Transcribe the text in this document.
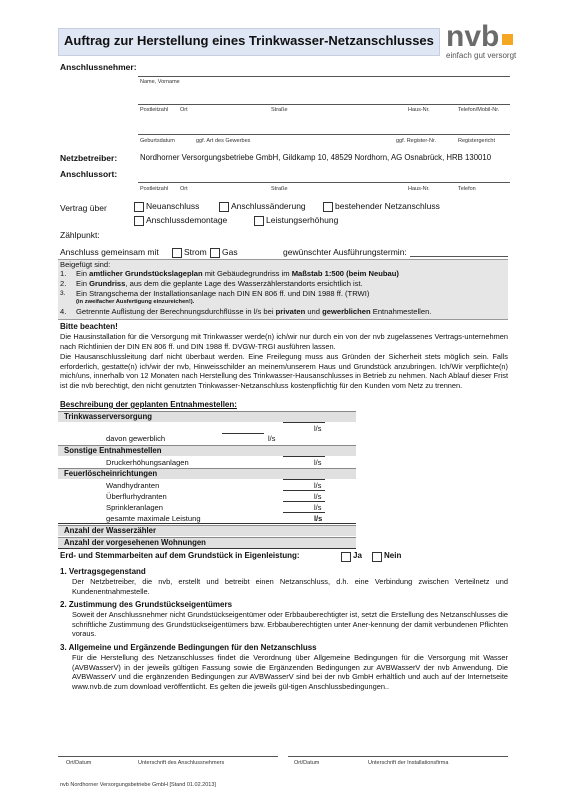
Auftrag zur Herstellung eines Trinkwasser-Netzanschlusses nvb
einfach gut versorgt
Anschlussnehmer:
Name, Vorname
Postleitzahl Ort	Straße	Haus-Nr.	Telefon/Mobil-Nr.
Geburtsdatum	ggf. Art des Gewerbes	ggf. Register-Nr.	Registergericht
Netzbetreiber:	Nordhorner Versorgungsbetriebe GmbH, Gildkamp 10, 48529 Nordhorn, AG Osnabrück, HRB 130010
Anschlussort:
Postleitzahl Ort	Straße	Haus-Nr.	Telefon
Vertrag über	Neuanschluss	Anschlussänderung	bestehender Netzanschluss
Anschlussdemontage	Leistungserhöhung
Zählpunkt:
Anschluss gemeinsam mit	Strom Gas	gewünschter Ausführungstermin:
Beigefügt sind:
1. Ein amtlicher Grundstückslageplan mit Gebäudegrundriss im Maßstab 1:500 (beim Neubau)
2. Ein Grundriss, aus dem die geplante Lage des Wasserzählerstandorts ersichtlich ist.
3. Ein Strangschema der Installationsanlage nach DIN EN 806 ff. und DIN 1988 ff. (TRWI)
(in zweifacher Ausfertigung einzureichen!).
4. Getrennte Auflistung der Berechnungsdurchflüsse in l/s bei privaten und gewerblichen Entnahmestellen.
Bitte beachten!
Die Hausinstallation für die Versorgung mit Trinkwasser werde(n) ich/wir nur durch ein von der nvb zugelassenes Vertrags-unternehmen nach Richtlinien der DIN EN 806 ff. und DIN 1988 ff. DVGW-TRGI ausführen lassen.
Die Hausanschlussleitung darf nicht überbaut werden. Eine Freilegung muss aus Gründen der Sicherheit stets möglich sein. Falls erforderlich, gestatte(n) ich/wir der nvb, Hinweisschilder an meinem/unserem Haus und Grundstück anzubringen. Ich/Wir verpflichte(n) mich/uns, innerhalb von 12 Monaten nach Herstellung des Trinkwasser-Hausanschlusses in Betrieb zu nehmen. Nach Ablauf dieser Frist ist die nvb berechtigt, den nicht genutzten Trinkwasser-Netzanschluss kostenpflichtig für den Kunden vom Netz zu trennen.
Beschreibung der geplanten Entnahmestellen:
Trinkwasserversorgung
l/s
davon gewerblich	l/s
Sonstige Entnahmestellen
Druckerhöhungsanlagen	l/s
Feuerlöscheinrichtungen
Wandhydranten	l/s
Überflurhydranten	l/s
Sprinkleranlagen	l/s
gesamte maximale Leistung	l/s
Anzahl der Wasserzähler
Anzahl der vorgesehenen Wohnungen
Erd- und Stemmarbeiten auf dem Grundstück in Eigenleistung:	Ja	Nein
1. Vertragsgegenstand
Der Netzbetreiber, die nvb, erstellt und betreibt einen Netzanschluss, d.h. eine Verbindung zwischen Verteilnetz und Kundenentnahmestelle.
2. Zustimmung des Grundstückseigentümers
Soweit der Anschlussnehmer nicht Grundstückseigentümer oder Erbbauberechtigter ist, setzt die Erstellung des Netzanschlusses die schriftliche Zustimmung des Grundstückseigentümers bzw. Erbbauberechtigten unter Aner-kennung der damit verbundenen Pflichten voraus.
3. Allgemeine und Ergänzende Bedingungen für den Netzanschluss
Für die Herstellung des Netzanschlusses findet die Verordnung über Allgemeine Bedingungen für die Versorgung mit Wasser (AVBWasserV) in der jeweils gültigen Fassung sowie die Ergänzenden Bedingungen zur AVBWasserV der nvb Anwendung. Die AVBWasserV und die ergänzenden Bedingungen zur AVBWasserV sind bei der nvb GmbH erhältlich und auch auf der Internetseite www.nvb.de zum download veröffentlicht. Es gelten die jeweils gül-tigen Anschlussbedingungen..
Ort/Datum	Unterschrift des Anschlussnehmers	Ort/Datum	Unterschrift der Installationsfirma
nvb Nordhorner Versorgungsbetriebe GmbH [Stand 01.02.2013]
